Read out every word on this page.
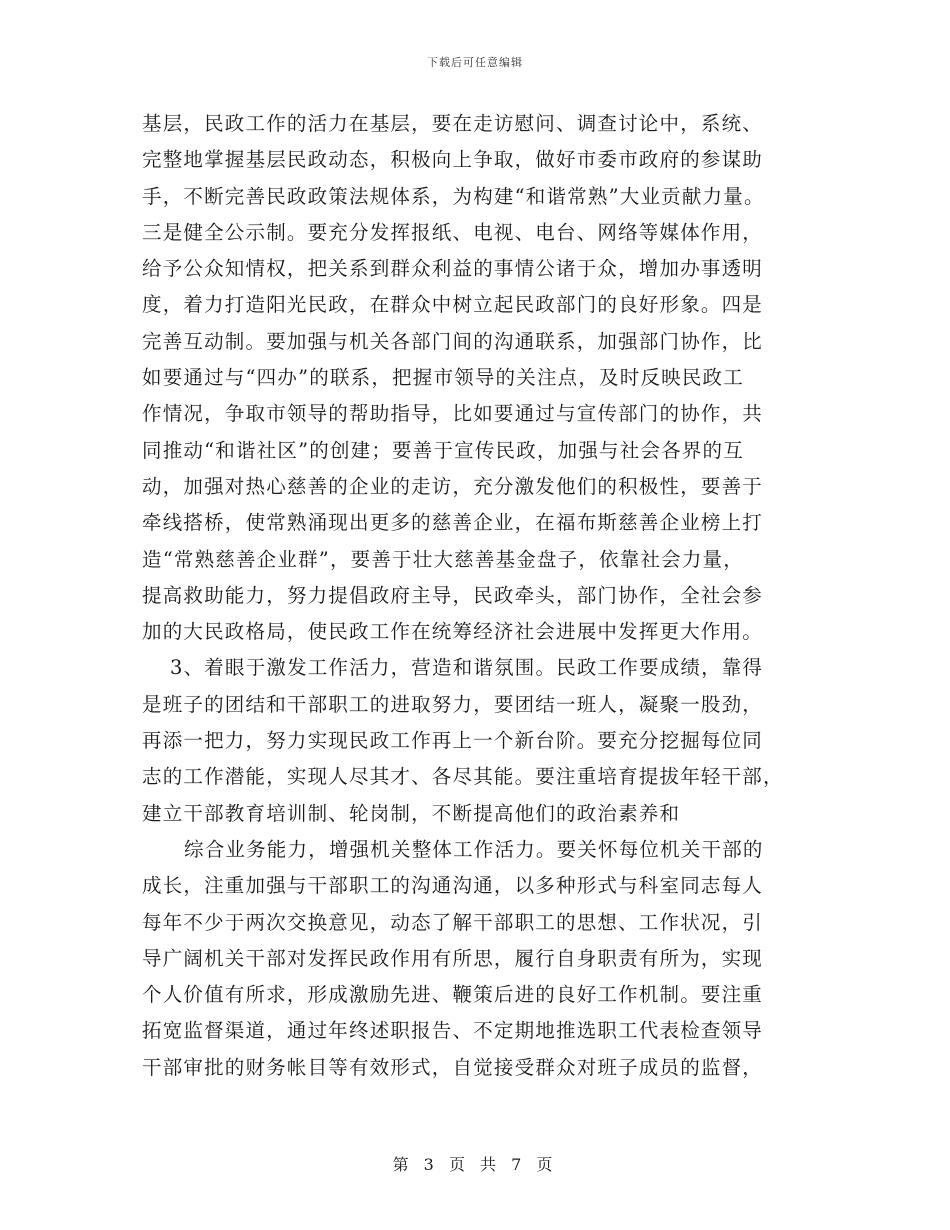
下载后可任意编辑
基层，民政工作的活力在基层，要在走访慰问、调查讨论中，系统、
完整地掌握基层民政动态，积极向上争取，做好市委市政府的参谋助
手，不断完善民政政策法规体系，为构建“和谐常熟”大业贡献力量。
三是健全公示制。要充分发挥报纸、电视、电台、网络等媒体作用，
给予公众知情权，把关系到群众利益的事情公诸于众，增加办事透明
度，着力打造阳光民政，在群众中树立起民政部门的良好形象。四是
完善互动制。要加强与机关各部门间的沟通联系，加强部门协作，比
如要通过与“四办”的联系，把握市领导的关注点，及时反映民政工
作情况，争取市领导的帮助指导，比如要通过与宣传部门的协作，共
同推动“和谐社区”的创建；要善于宣传民政，加强与社会各界的互
动，加强对热心慈善的企业的走访，充分激发他们的积极性，要善于
牵线搭桥，使常熟涌现出更多的慈善企业，在福布斯慈善企业榜上打
造“常熟慈善企业群”，要善于壮大慈善基金盘子，依靠社会力量，
提高救助能力，努力提倡政府主导，民政牵头，部门协作，全社会参
加的大民政格局，使民政工作在统筹经济社会进展中发挥更大作用。
3、着眼于激发工作活力，营造和谐氛围。民政工作要成绩，靠得
是班子的团结和干部职工的进取努力，要团结一班人，凝聚一股劲，
再添一把力，努力实现民政工作再上一个新台阶。要充分挖掘每位同
志的工作潜能，实现人尽其才、各尽其能。要注重培育提拔年轻干部，
建立干部教育培训制、轮岗制，不断提高他们的政治素养和
综合业务能力，增强机关整体工作活力。要关怀每位机关干部的
成长，注重加强与干部职工的沟通沟通，以多种形式与科室同志每人
每年不少于两次交换意见，动态了解干部职工的思想、工作状况，引
导广阔机关干部对发挥民政作用有所思，履行自身职责有所为，实现
个人价值有所求，形成激励先进、鞭策后进的良好工作机制。要注重
拓宽监督渠道，通过年终述职报告、不定期地推选职工代表检查领导
干部审批的财务帐目等有效形式，自觉接受群众对班子成员的监督，
第 3 页 共 7 页
